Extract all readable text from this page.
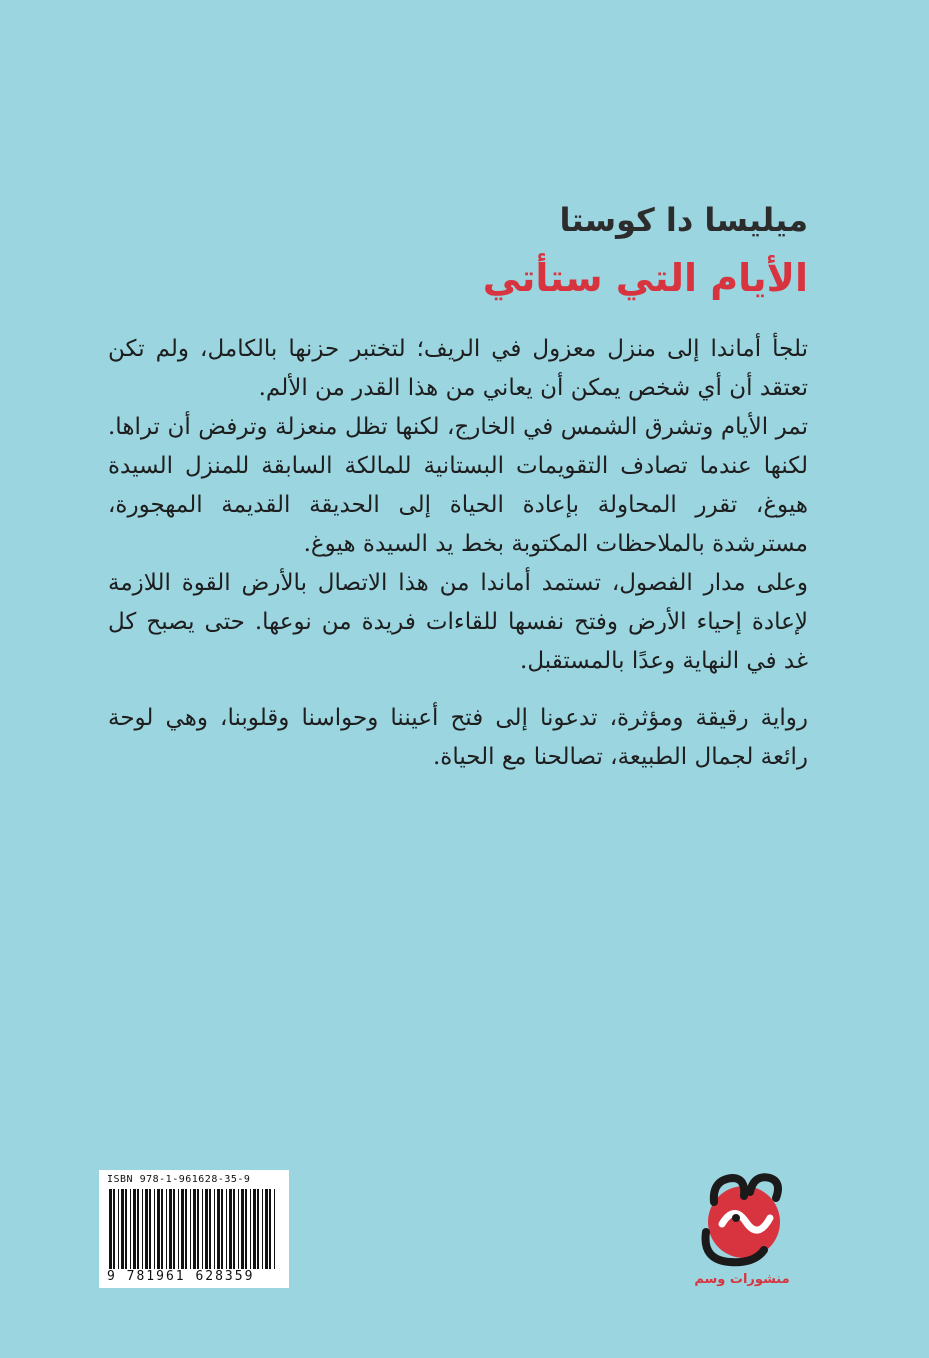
ميليسا دا كوستا
الأيام التي ستأتي

تلجأ أماندا إلى منزل معزول في الريف؛ لتختبر حزنها بالكامل، ولم تكن تعتقد أن أي شخص يمكن أن يعاني من هذا القدر من الألم.

تمر الأيام وتشرق الشمس في الخارج، لكنها تظل منعزلة وترفض أن تراها. لكنها عندما تصادف التقويمات البستانية للمالكة السابقة للمنزل السيدة هيوغ، تقرر المحاولة بإعادة الحياة إلى الحديقة القديمة المهجورة، مسترشدة بالملاحظات المكتوبة بخط يد السيدة هيوغ.

وعلى مدار الفصول، تستمد أماندا من هذا الاتصال بالأرض القوة اللازمة لإعادة إحياء الأرض وفتح نفسها للقاءات فريدة من نوعها. حتى يصبح كل غد في النهاية وعدًا بالمستقبل.

رواية رقيقة ومؤثرة، تدعونا إلى فتح أعيننا وحواسنا وقلوبنا، وهي لوحة رائعة لجمال الطبيعة، تصالحنا مع الحياة.

ISBN 978-1-961628-35-9
9 781961 628359	منشورات وسم
